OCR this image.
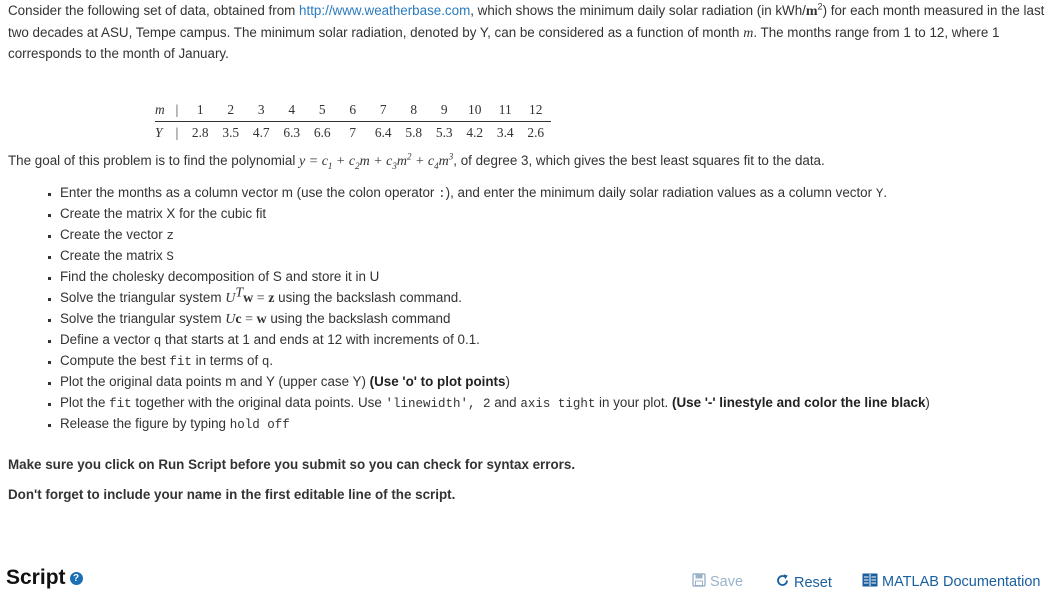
Consider the following set of data, obtained from http://www.weatherbase.com, which shows the minimum daily solar radiation (in kWh/$m^2$) for each month measured in the last two decades at ASU, Tempe campus. The minimum solar radiation, denoted by Y, can be considered as a function of month m. The months range from 1 to 12, where 1 corresponds to the month of January.
m	|	1	2	3	4	5	6	7	8	9	10	11	12
Y	|	2.8	3.5	4.7	6.3	6.6	7	6.4	5.8	5.3	4.2	3.4	2.6
The goal of this problem is to find the polynomial $y = c_1 + c_2m + c_3m^2 + c_4m^3$, of degree 3, which gives the best least squares fit to the data.
▪ Enter the months as a column vector m (use the colon operator :), and enter the minimum daily solar radiation values as a column vector Y.
▪ Create the matrix X for the cubic fit
▪ Create the vector z
▪ Create the matrix S
▪ Find the cholesky decomposition of S and store it in U
▪ Solve the triangular system UTw = z using the backslash command.
▪ Solve the triangular system Uc = w using the backslash command
▪ Define a vector q that starts at 1 and ends at 12 with increments of 0.1.
▪ Compute the best fit in terms of q.
▪ Plot the original data points m and Y (upper case Y) (Use 'o' to plot points)
▪ Plot the fit together with the original data points. Use 'linewidth', 2 and axis tight in your plot. (Use '-' linestyle and color the line black)
▪ Release the figure by typing hold off
Make sure you click on Run Script before you submit so you can check for syntax errors.
Don't forget to include your name in the first editable line of the script.
Script ?	Save	Reset	MATLAB Documentation
